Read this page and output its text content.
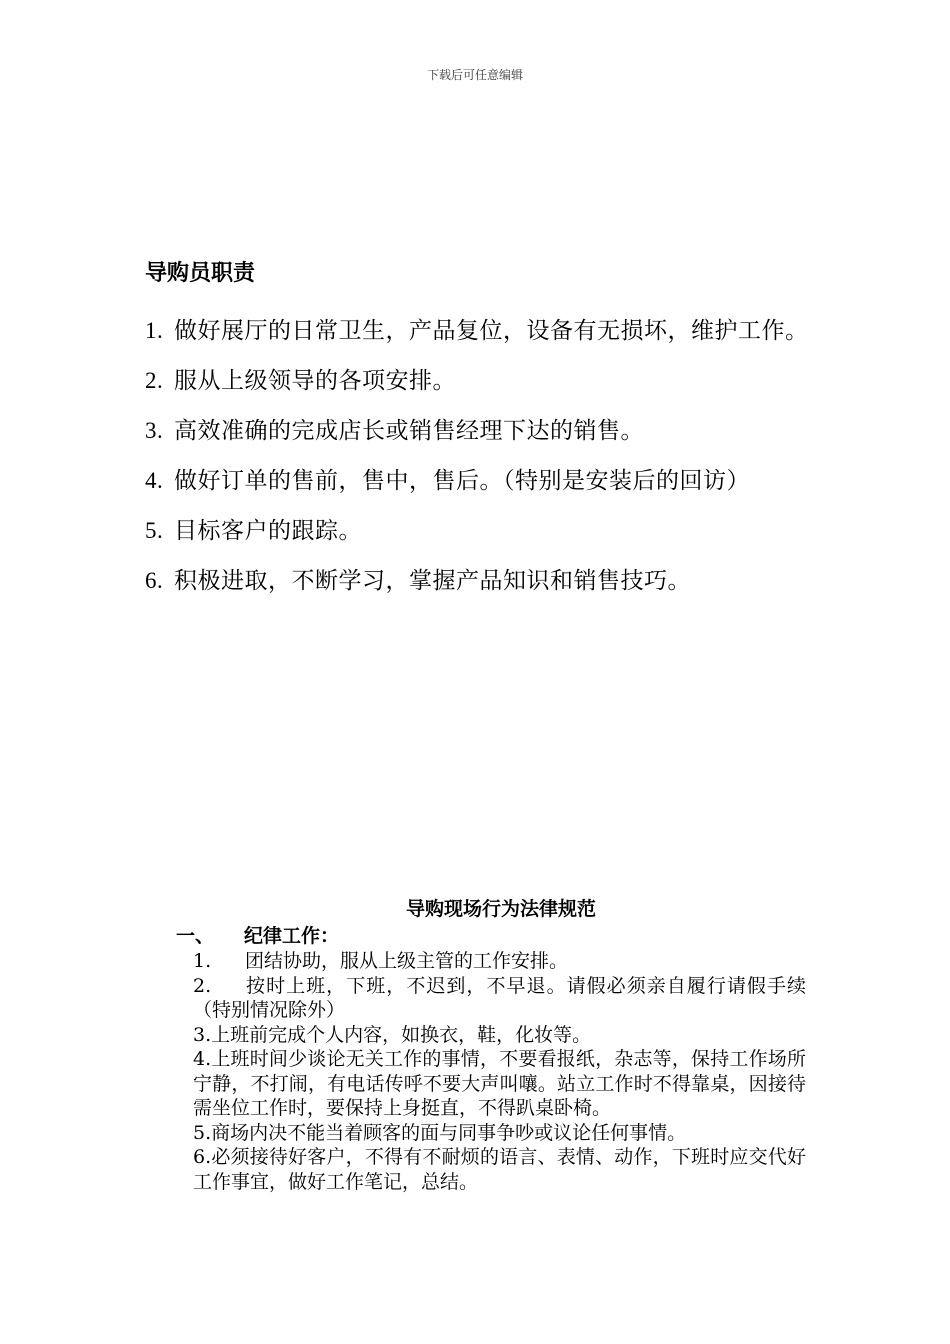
下载后可任意编辑
导购员职责
1. 做好展厅的日常卫生，产品复位，设备有无损坏，维护工作。
2. 服从上级领导的各项安排。
3. 高效准确的完成店长或销售经理下达的销售。
4. 做好订单的售前，售中，售后。（特别是安装后的回访）
5. 目标客户的跟踪。
6. 积极进取，不断学习，掌握产品知识和销售技巧。
导购现场行为法律规范
一、	纪律工作：
1. 团结协助，服从上级主管的工作安排。
2. 按时上班，下班，不迟到，不早退。请假必须亲自履行请假手续（特别情况除外）
3.上班前完成个人内容，如换衣，鞋，化妆等。
4.上班时间少谈论无关工作的事情，不要看报纸，杂志等，保持工作场所宁静，不打闹，有电话传呼不要大声叫嚷。站立工作时不得靠桌，因接待需坐位工作时，要保持上身挺直，不得趴桌卧椅。
5.商场内决不能当着顾客的面与同事争吵或议论任何事情。
6.必须接待好客户，不得有不耐烦的语言、表情、动作，下班时应交代好工作事宜，做好工作笔记，总结。
